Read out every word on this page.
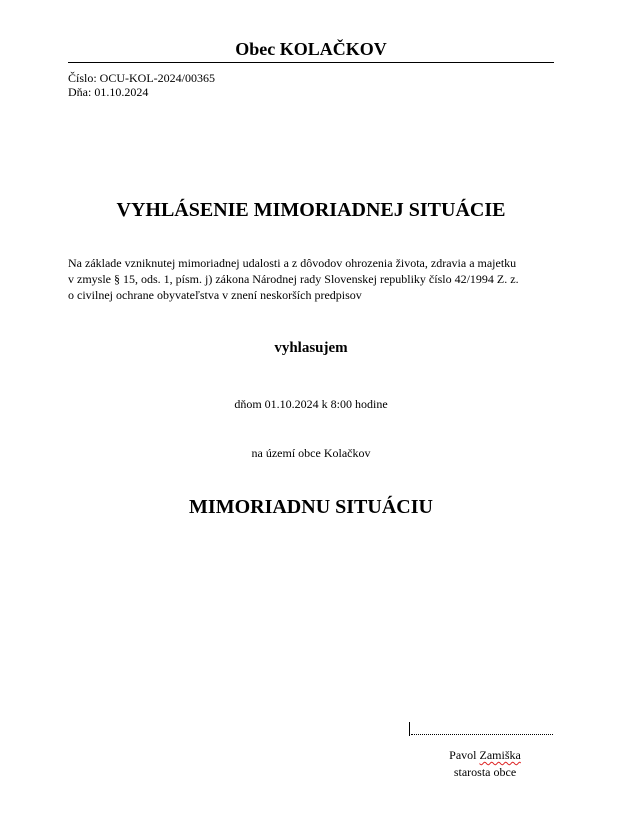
Obec KOLAČKOV
Číslo: OCU-KOL-2024/00365
Dňa: 01.10.2024
VYHLÁSENIE MIMORIADNEJ SITUÁCIE
Na základe vzniknutej mimoriadnej udalosti a z dôvodov ohrozenia života, zdravia a majetku
v zmysle § 15, ods. 1, písm. j) zákona Národnej rady Slovenskej republiky číslo 42/1994 Z. z.
o civilnej ochrane obyvateľstva v znení neskorších predpisov
vyhlasujem
dňom 01.10.2024 k 8:00 hodine
na území obce Kolačkov
MIMORIADNU SITUÁCIU
Pavol Zamiška
starosta obce
